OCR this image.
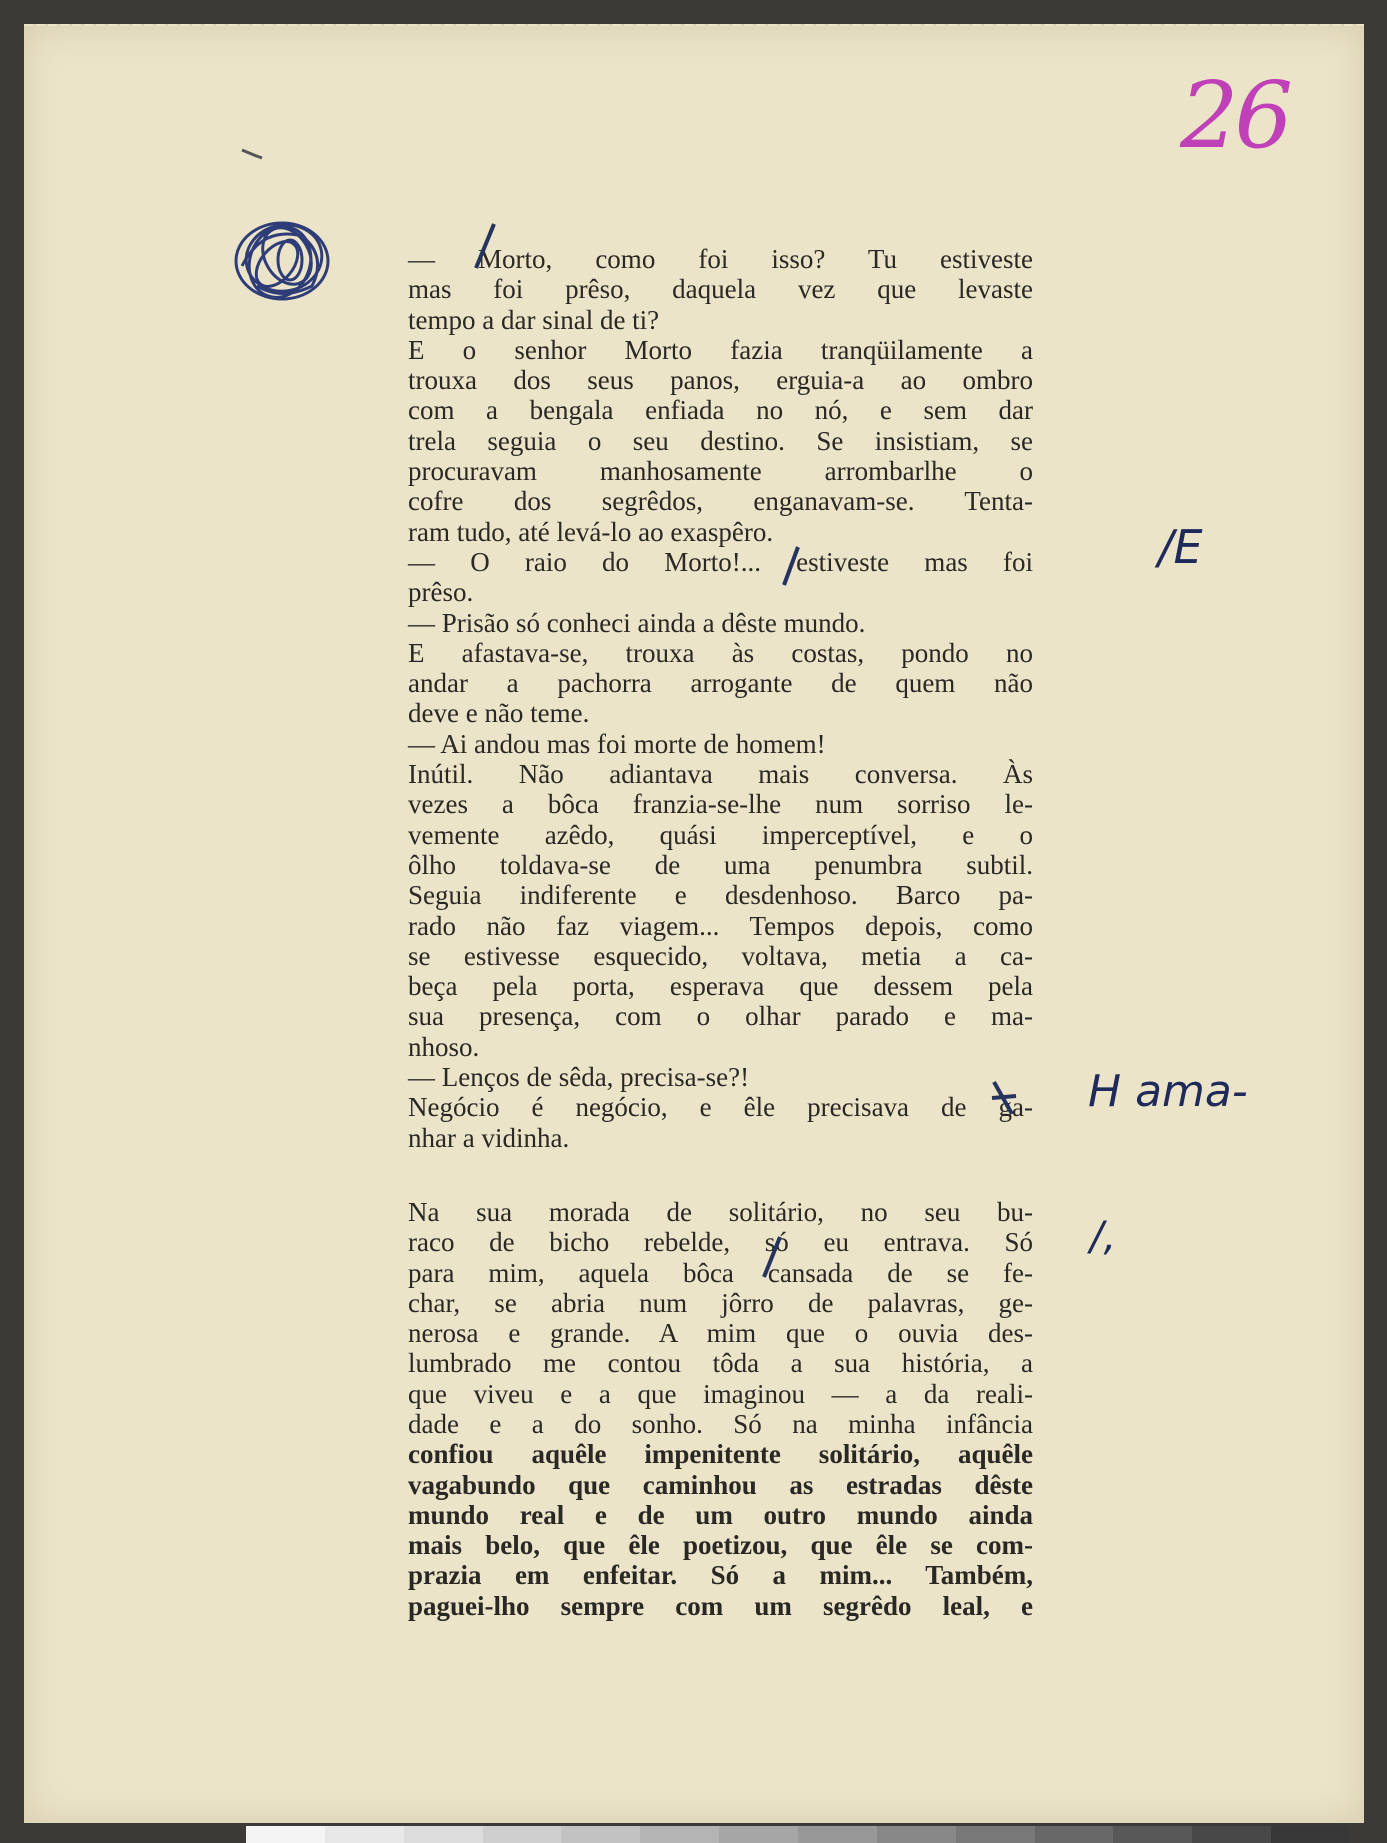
26
— Morto, como foi isso? Tu estiveste
mas foi prêso, daquela vez que levaste
tempo a dar sinal de ti?
E o senhor Morto fazia tranqüilamente a
trouxa dos seus panos, erguia-a ao ombro
com a bengala enfiada no nó, e sem dar
trela seguia o seu destino. Se insistiam, se
procuravam manhosamente arrombarlhe o
cofre dos segrêdos, enganavam-se. Tenta-
ram tudo, até levá-lo ao exaspêro.
— O raio do Morto!... estiveste mas foi
prêso.
— Prisão só conheci ainda a dêste mundo.
E afastava-se, trouxa às costas, pondo no
andar a pachorra arrogante de quem não
deve e não teme.
— Ai andou mas foi morte de homem!
Inútil. Não adiantava mais conversa. Às
vezes a bôca franzia-se-lhe num sorriso le-
vemente azêdo, quási imperceptível, e o
ôlho toldava-se de uma penumbra subtil.
Seguia indiferente e desdenhoso. Barco pa-
rado não faz viagem... Tempos depois, como
se estivesse esquecido, voltava, metia a ca-
beça pela porta, esperava que dessem pela
sua presença, com o olhar parado e ma-
nhoso.
— Lenços de sêda, precisa-se?!
Negócio é negócio, e êle precisava de ga-
nhar a vidinha.
Na sua morada de solitário, no seu bu-
raco de bicho rebelde, só eu entrava. Só
para mim, aquela bôca cansada de se fe-
char, se abria num jôrro de palavras, ge-
nerosa e grande. A mim que o ouvia des-
lumbrado me contou tôda a sua história, a
que viveu e a que imaginou — a da reali-
dade e a do sonho. Só na minha infância
confiou aquêle impenitente solitário, aquêle
vagabundo que caminhou as estradas dêste
mundo real e de um outro mundo ainda
mais belo, que êle poetizou, que êle se com-
prazia em enfeitar. Só a mim... Também,
paguei-lho sempre com um segrêdo leal, e
/E
H ama-
/,
